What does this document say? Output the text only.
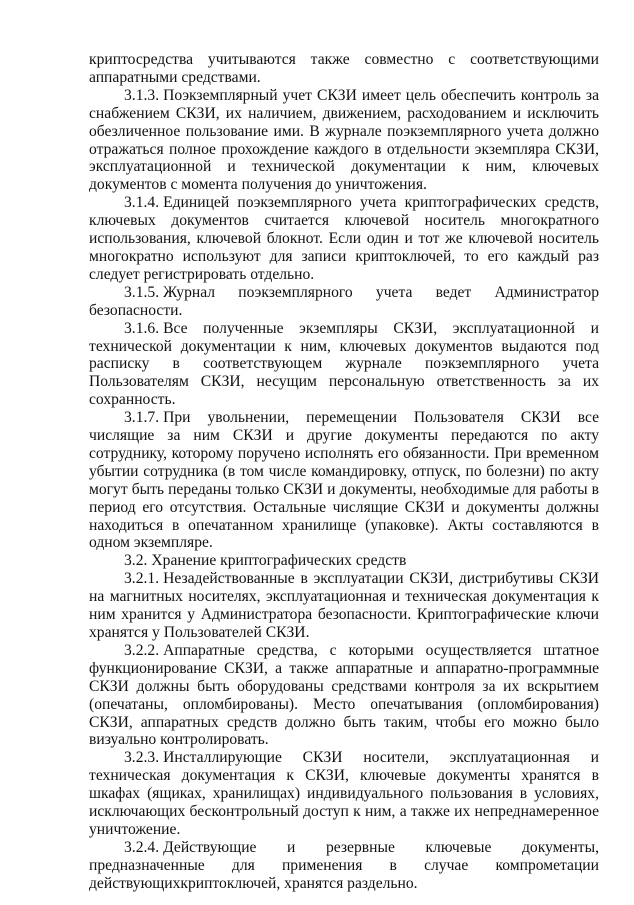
криптосредства учитываются также совместно с соответствующими аппаратными средствами.

3.1.3. Поэкземплярный учет СКЗИ имеет цель обеспечить контроль за снабжением СКЗИ, их наличием, движением, расходованием и исключить обезличенное пользование ими. В журнале поэкземплярного учета должно отражаться полное прохождение каждого в отдельности экземпляра СКЗИ, эксплуатационной и технической документации к ним, ключевых документов с момента получения до уничтожения.

3.1.4. Единицей поэкземплярного учета криптографических средств, ключевых документов считается ключевой носитель многократного использования, ключевой блокнот. Если один и тот же ключевой носитель многократно используют для записи криптоключей, то его каждый раз следует регистрировать отдельно.

3.1.5. Журнал поэкземплярного учета ведет Администратор безопасности.

3.1.6. Все полученные экземпляры СКЗИ, эксплуатационной и технической документации к ним, ключевых документов выдаются под расписку в соответствующем журнале поэкземплярного учета Пользователям СКЗИ, несущим персональную ответственность за их сохранность.

3.1.7. При увольнении, перемещении Пользователя СКЗИ все числящие за ним СКЗИ и другие документы передаются по акту сотруднику, которому поручено исполнять его обязанности. При временном убытии сотрудника (в том числе командировку, отпуск, по болезни) по акту могут быть переданы только СКЗИ и документы, необходимые для работы в период его отсутствия. Остальные числящие СКЗИ и документы должны находиться в опечатанном хранилище (упаковке). Акты составляются в одном экземпляре.

3.2. Хранение криптографических средств

3.2.1. Незадействованные в эксплуатации СКЗИ, дистрибутивы СКЗИ на магнитных носителях, эксплуатационная и техническая документация к ним хранится у Администратора безопасности. Криптографические ключи хранятся у Пользователей СКЗИ.

3.2.2. Аппаратные средства, с которыми осуществляется штатное функционирование СКЗИ, а также аппаратные и аппаратно-программные СКЗИ должны быть оборудованы средствами контроля за их вскрытием (опечатаны, опломбированы). Место опечатывания (опломбирования) СКЗИ, аппаратных средств должно быть таким, чтобы его можно было визуально контролировать.

3.2.3. Инсталлирующие СКЗИ носители, эксплуатационная и техническая документация к СКЗИ, ключевые документы хранятся в шкафах (ящиках, хранилищах) индивидуального пользования в условиях, исключающих бесконтрольный доступ к ним, а также их непреднамеренное уничтожение.

3.2.4. Действующие и резервные ключевые документы, предназначенные для применения в случае компрометации действующихкриптоключей, хранятся раздельно.
